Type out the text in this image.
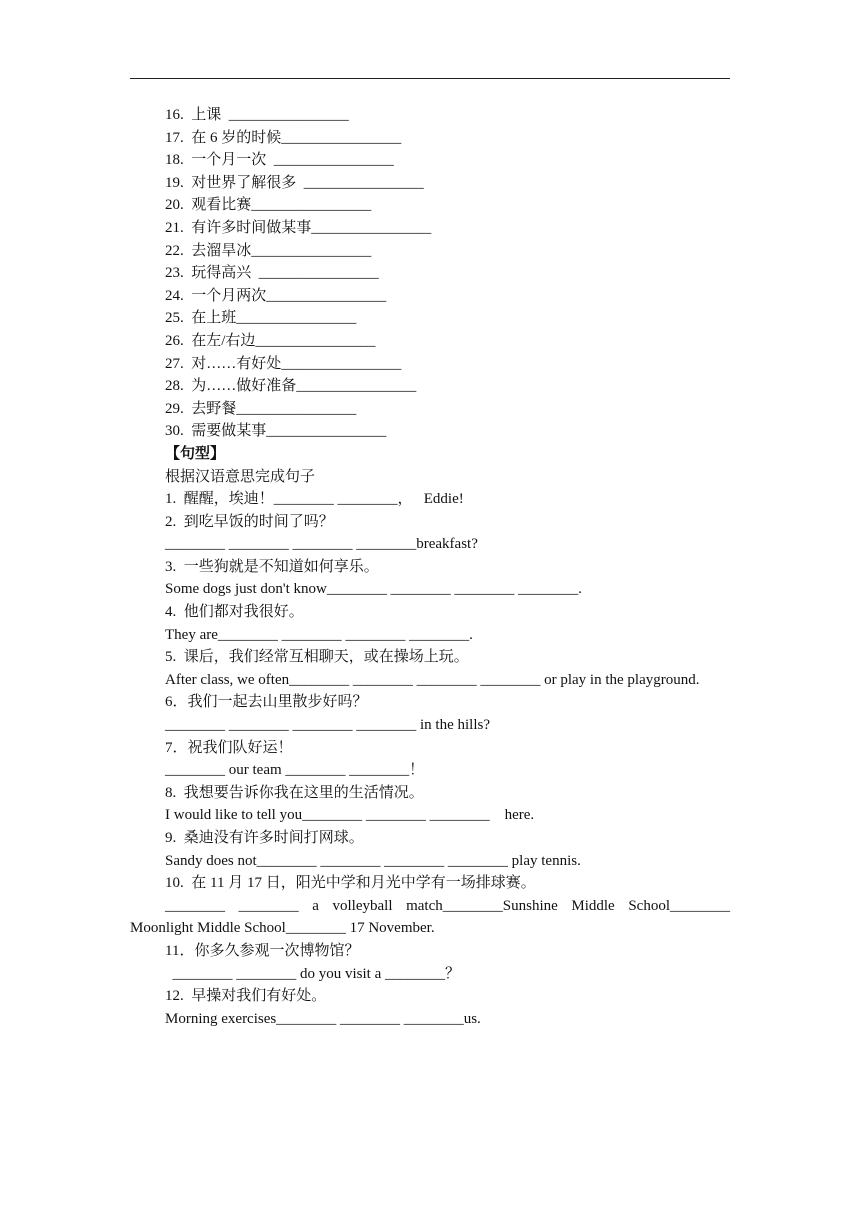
16.  上课  ________________
17.  在 6 岁的时候________________
18.  一个月一次  ________________
19.  对世界了解很多  ________________
20.  观看比赛________________
21.  有许多时间做某事________________
22.  去溜旱冰________________
23.  玩得高兴  ________________
24.  一个月两次________________
25.  在上班________________
26.  在左/右边________________
27.  对……有好处________________
28.  为……做好准备________________
29.  去野餐________________
30.  需要做某事________________
【句型】
根据汉语意思完成句子
1.  醒醒，埃迪！________ ________，   Eddie!
2.  到吃早饭的时间了吗？
________ ________ ________ ________breakfast?
3.  一些狗就是不知道如何享乐。
Some dogs just don't know________ ________ ________ ________.
4.  他们都对我很好。
They are________ ________ ________ ________.
5.  课后，我们经常互相聊天，或在操场上玩。
After class, we often________ ________ ________ ________ or play in the playground.
6．我们一起去山里散步好吗？
________ ________ ________ ________ in the hills?
7．祝我们队好运！
________ our team ________ ________！
8.  我想要告诉你我在这里的生活情况。
I would like to tell you________ ________ ________    here.
9.  桑迪没有许多时间打网球。
Sandy does not________ ________ ________ ________ play tennis.
10.  在 11 月 17 日，阳光中学和月光中学有一场排球赛。
________ ________ a volleyball match________Sunshine Middle School________ Moonlight Middle School________ 17 November.
11．你多久参观一次博物馆？
________ ________ do you visit a ________？
12.  早操对我们有好处。
Morning exercises________ ________ ________us.
